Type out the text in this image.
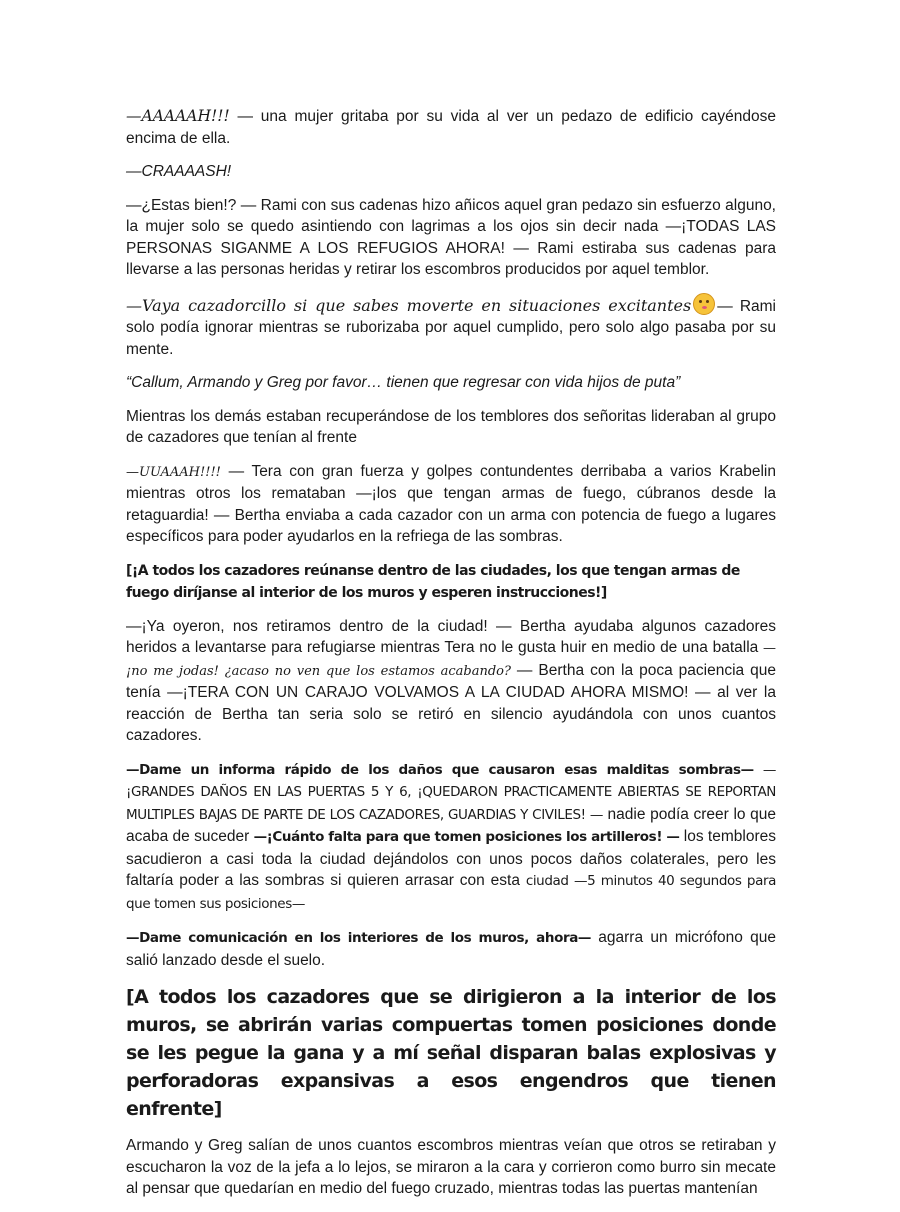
—AAAAAH!!! — una mujer gritaba por su vida al ver un pedazo de edificio cayéndose encima de ella.

—CRAAAASH!

—¿Estas bien!? — Rami con sus cadenas hizo añicos aquel gran pedazo sin esfuerzo alguno, la mujer solo se quedo asintiendo con lagrimas a los ojos sin decir nada —¡TODAS LAS PERSONAS SIGANME A LOS REFUGIOS AHORA! — Rami estiraba sus cadenas para llevarse a las personas heridas y retirar los escombros producidos por aquel temblor.

—Vaya cazadorcillo si que sabes moverte en situaciones excitantes — Rami solo podía ignorar mientras se ruborizaba por aquel cumplido, pero solo algo pasaba por su mente.

“Callum, Armando y Greg por favor… tienen que regresar con vida hijos de puta”

Mientras los demás estaban recuperándose de los temblores dos señoritas lideraban al grupo de cazadores que tenían al frente

—UUAAAH!!!! — Tera con gran fuerza y golpes contundentes derribaba a varios Krabelin mientras otros los remataban —¡los que tengan armas de fuego, cúbranos desde la retaguardia! — Bertha enviaba a cada cazador con un arma con potencia de fuego a lugares específicos para poder ayudarlos en la refriega de las sombras.

[¡A todos los cazadores reúnanse dentro de las ciudades, los que tengan armas de fuego diríjanse al interior de los muros y esperen instrucciones!]

—¡Ya oyeron, nos retiramos dentro de la ciudad! — Bertha ayudaba algunos cazadores heridos a levantarse para refugiarse mientras Tera no le gusta huir en medio de una batalla —¡no me jodas! ¿acaso no ven que los estamos acabando? — Bertha con la poca paciencia que tenía —¡TERA CON UN CARAJO VOLVAMOS A LA CIUDAD AHORA MISMO! — al ver la reacción de Bertha tan seria solo se retiró en silencio ayudándola con unos cuantos cazadores.

—Dame un informa rápido de los daños que causaron esas malditas sombras— —¡GRANDES DAÑOS EN LAS PUERTAS 5 Y 6, ¡QUEDARON PRACTICAMENTE ABIERTAS SE REPORTAN MULTIPLES BAJAS DE PARTE DE LOS CAZADORES, GUARDIAS Y CIVILES! — nadie podía creer lo que acaba de suceder —¡Cuánto falta para que tomen posiciones los artilleros! — los temblores sacudieron a casi toda la ciudad dejándolos con unos pocos daños colaterales, pero les faltaría poder a las sombras si quieren arrasar con esta ciudad —5 minutos 40 segundos para que tomen sus posiciones—

—Dame comunicación en los interiores de los muros, ahora— agarra un micrófono que salió lanzado desde el suelo.

[A todos los cazadores que se dirigieron a la interior de los muros, se abrirán varias compuertas tomen posiciones donde se les pegue la gana y a mí señal disparan balas explosivas y perforadoras expansivas a esos engendros que tienen enfrente]

Armando y Greg salían de unos cuantos escombros mientras veían que otros se retiraban y escucharon la voz de la jefa a lo lejos, se miraron a la cara y corrieron como burro sin mecate al pensar que quedarían en medio del fuego cruzado, mientras todas las puertas mantenían
